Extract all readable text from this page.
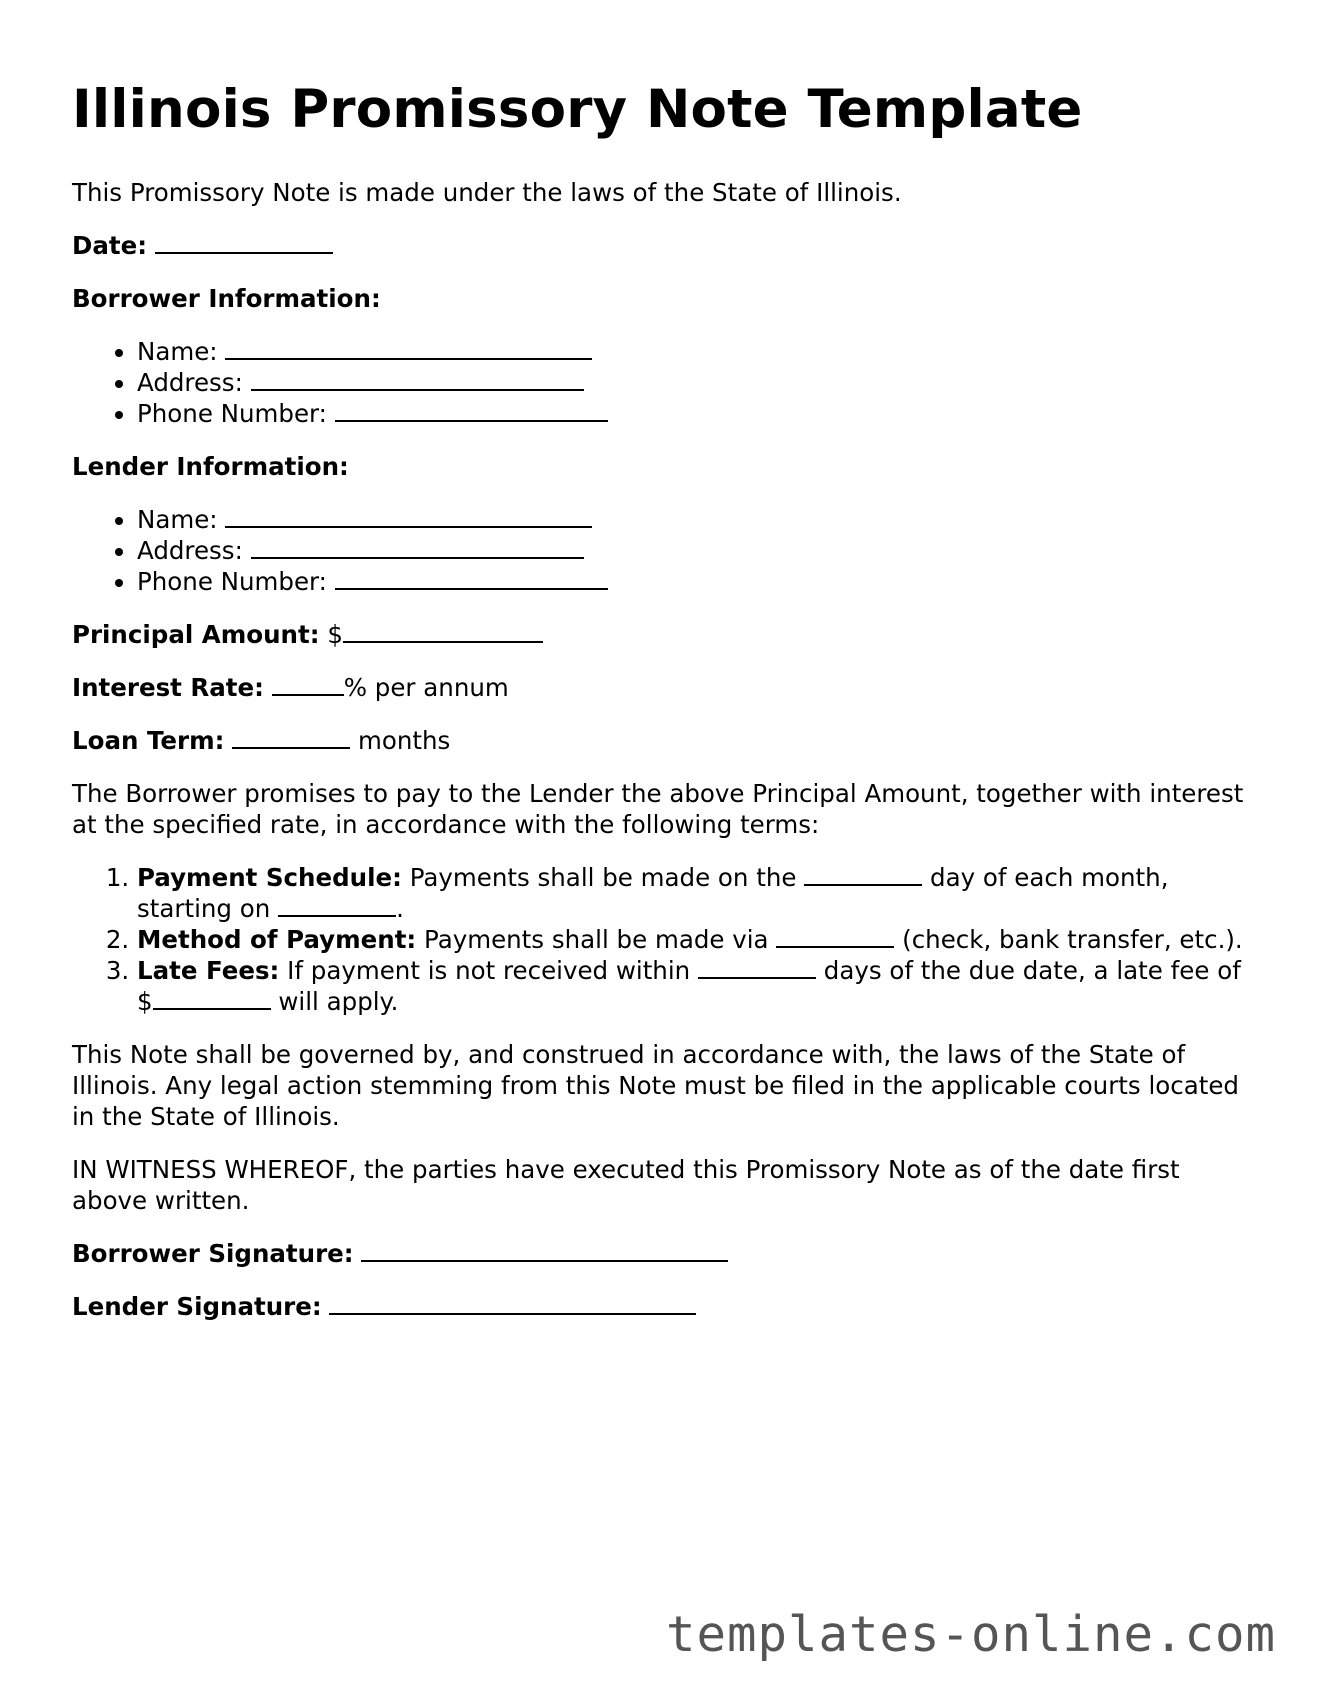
Illinois Promissory Note Template

This Promissory Note is made under the laws of the State of Illinois.

Date:

Borrower Information:

• Name:
• Address:
• Phone Number:

Lender Information:

• Name:
• Address:
• Phone Number:

Principal Amount: $

Interest Rate:	% per annum

Loan Term:	months

The Borrower promises to pay to the Lender the above Principal Amount, together with interest at the specified rate, in accordance with the following terms:

1. Payment Schedule: Payments shall be made on the	day of each month, starting on	.
2. Method of Payment: Payments shall be made via	(check, bank transfer, etc.).
3. Late Fees: If payment is not received within	days of the due date, a late fee of $	will apply.

This Note shall be governed by, and construed in accordance with, the laws of the State of Illinois. Any legal action stemming from this Note must be filed in the applicable courts located in the State of Illinois.

IN WITNESS WHEREOF, the parties have executed this Promissory Note as of the date first above written.

Borrower Signature:

Lender Signature:

templates-online.com
